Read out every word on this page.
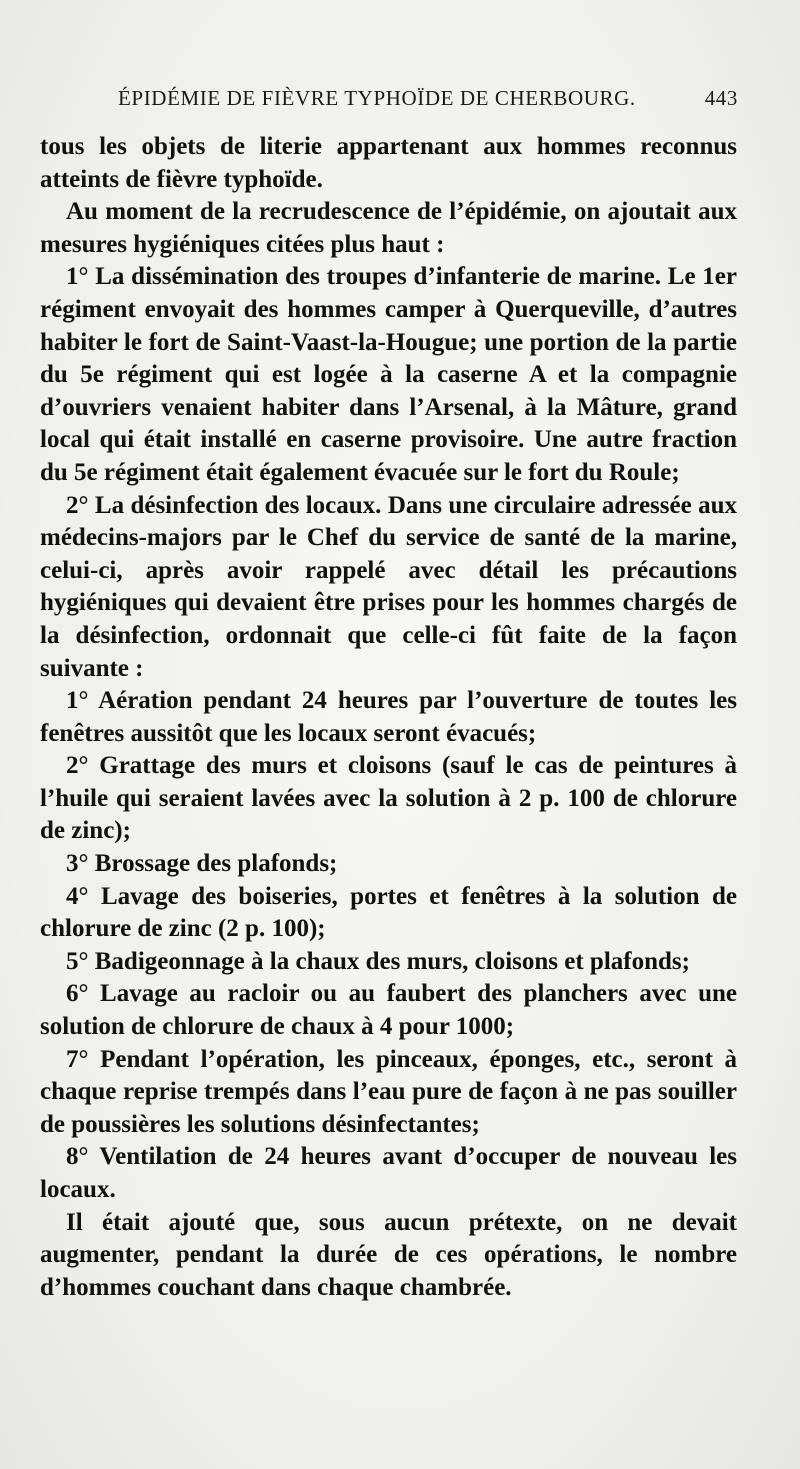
ÉPIDÉMIE DE FIÈVRE TYPHOÏDE DE CHERBOURG.	443

tous les objets de literie appartenant aux hommes reconnus atteints de fièvre typhoïde.

Au moment de la recrudescence de l’épidémie, on ajoutait aux mesures hygiéniques citées plus haut :

1° La dissémination des troupes d’infanterie de marine. Le 1er régiment envoyait des hommes camper à Querqueville, d’autres habiter le fort de Saint-Vaast-la-Hougue; une portion de la partie du 5e régiment qui est logée à la caserne A et la compagnie d’ouvriers venaient habiter dans l’Arsenal, à la Mâture, grand local qui était installé en caserne provisoire. Une autre fraction du 5e régiment était également évacuée sur le fort du Roule;

2° La désinfection des locaux. Dans une circulaire adressée aux médecins-majors par le Chef du service de santé de la marine, celui-ci, après avoir rappelé avec détail les précautions hygiéniques qui devaient être prises pour les hommes chargés de la désinfection, ordonnait que celle-ci fût faite de la façon suivante :

1° Aération pendant 24 heures par l’ouverture de toutes les fenêtres aussitôt que les locaux seront évacués;

2° Grattage des murs et cloisons (sauf le cas de peintures à l’huile qui seraient lavées avec la solution à 2 p. 100 de chlorure de zinc);

3° Brossage des plafonds;

4° Lavage des boiseries, portes et fenêtres à la solution de chlorure de zinc (2 p. 100);

5° Badigeonnage à la chaux des murs, cloisons et plafonds;

6° Lavage au racloir ou au faubert des planchers avec une solution de chlorure de chaux à 4 pour 1000;

7° Pendant l’opération, les pinceaux, éponges, etc., seront à chaque reprise trempés dans l’eau pure de façon à ne pas souiller de poussières les solutions désinfectantes;

8° Ventilation de 24 heures avant d’occuper de nouveau les locaux.

Il était ajouté que, sous aucun prétexte, on ne devait augmenter, pendant la durée de ces opérations, le nombre d’hommes couchant dans chaque chambrée.
